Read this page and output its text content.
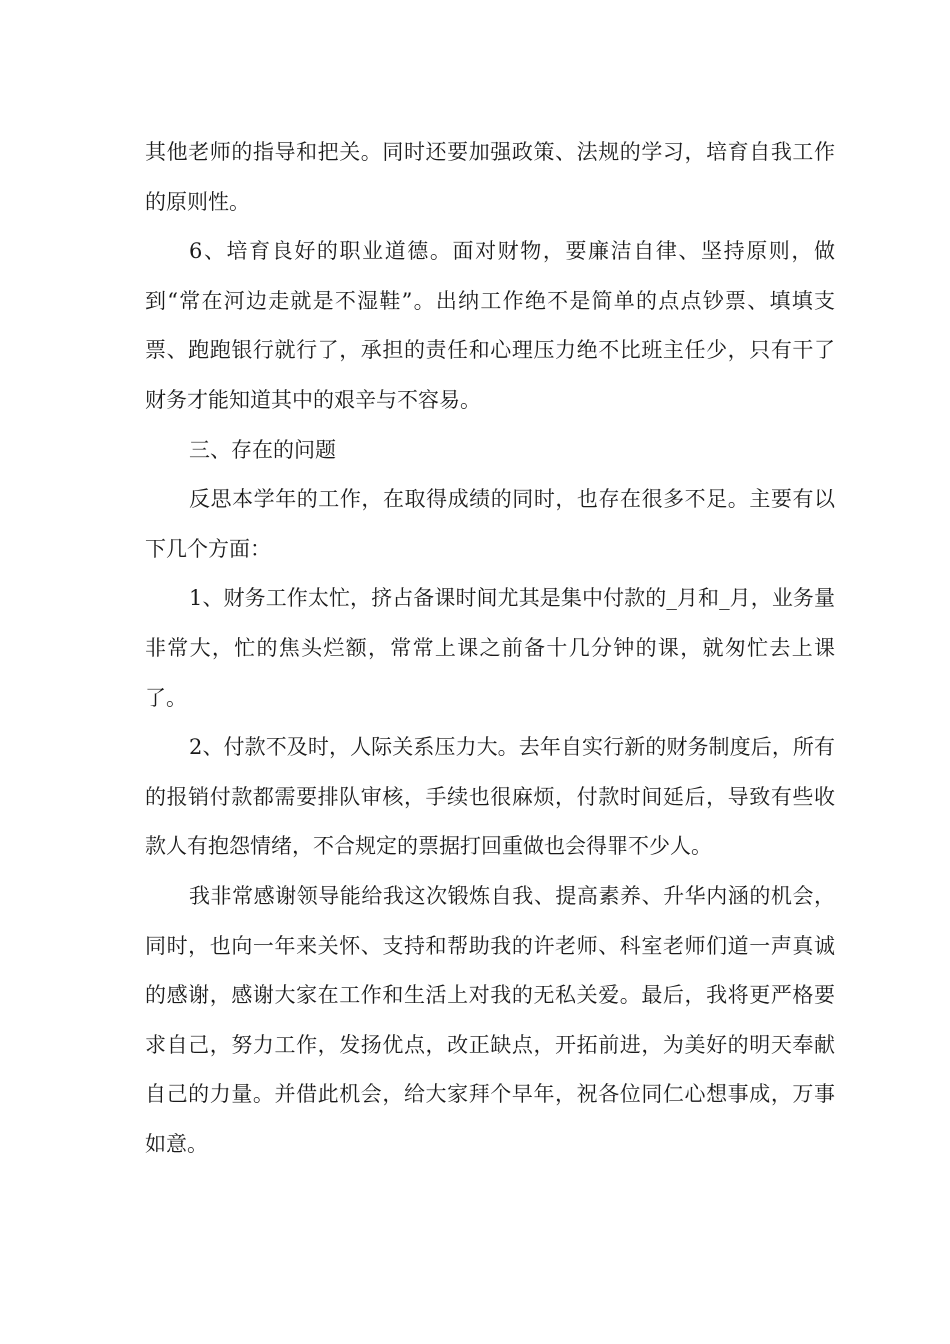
其他老师的指导和把关。同时还要加强政策、法规的学习，培育自我工作的原则性。

6、培育良好的职业道德。面对财物，要廉洁自律、坚持原则，做到“常在河边走就是不湿鞋”。出纳工作绝不是简单的点点钞票、填填支票、跑跑银行就行了，承担的责任和心理压力绝不比班主任少，只有干了财务才能知道其中的艰辛与不容易。

三、存在的问题

反思本学年的工作，在取得成绩的同时，也存在很多不足。主要有以下几个方面：

1、财务工作太忙，挤占备课时间尤其是集中付款的_月和_月，业务量非常大，忙的焦头烂额，常常上课之前备十几分钟的课，就匆忙去上课了。

2、付款不及时，人际关系压力大。去年自实行新的财务制度后，所有的报销付款都需要排队审核，手续也很麻烦，付款时间延后，导致有些收款人有抱怨情绪，不合规定的票据打回重做也会得罪不少人。

我非常感谢领导能给我这次锻炼自我、提高素养、升华内涵的机会，同时，也向一年来关怀、支持和帮助我的许老师、科室老师们道一声真诚的感谢，感谢大家在工作和生活上对我的无私关爱。最后，我将更严格要求自己，努力工作，发扬优点，改正缺点，开拓前进，为美好的明天奉献自己的力量。并借此机会，给大家拜个早年，祝各位同仁心想事成，万事如意。
